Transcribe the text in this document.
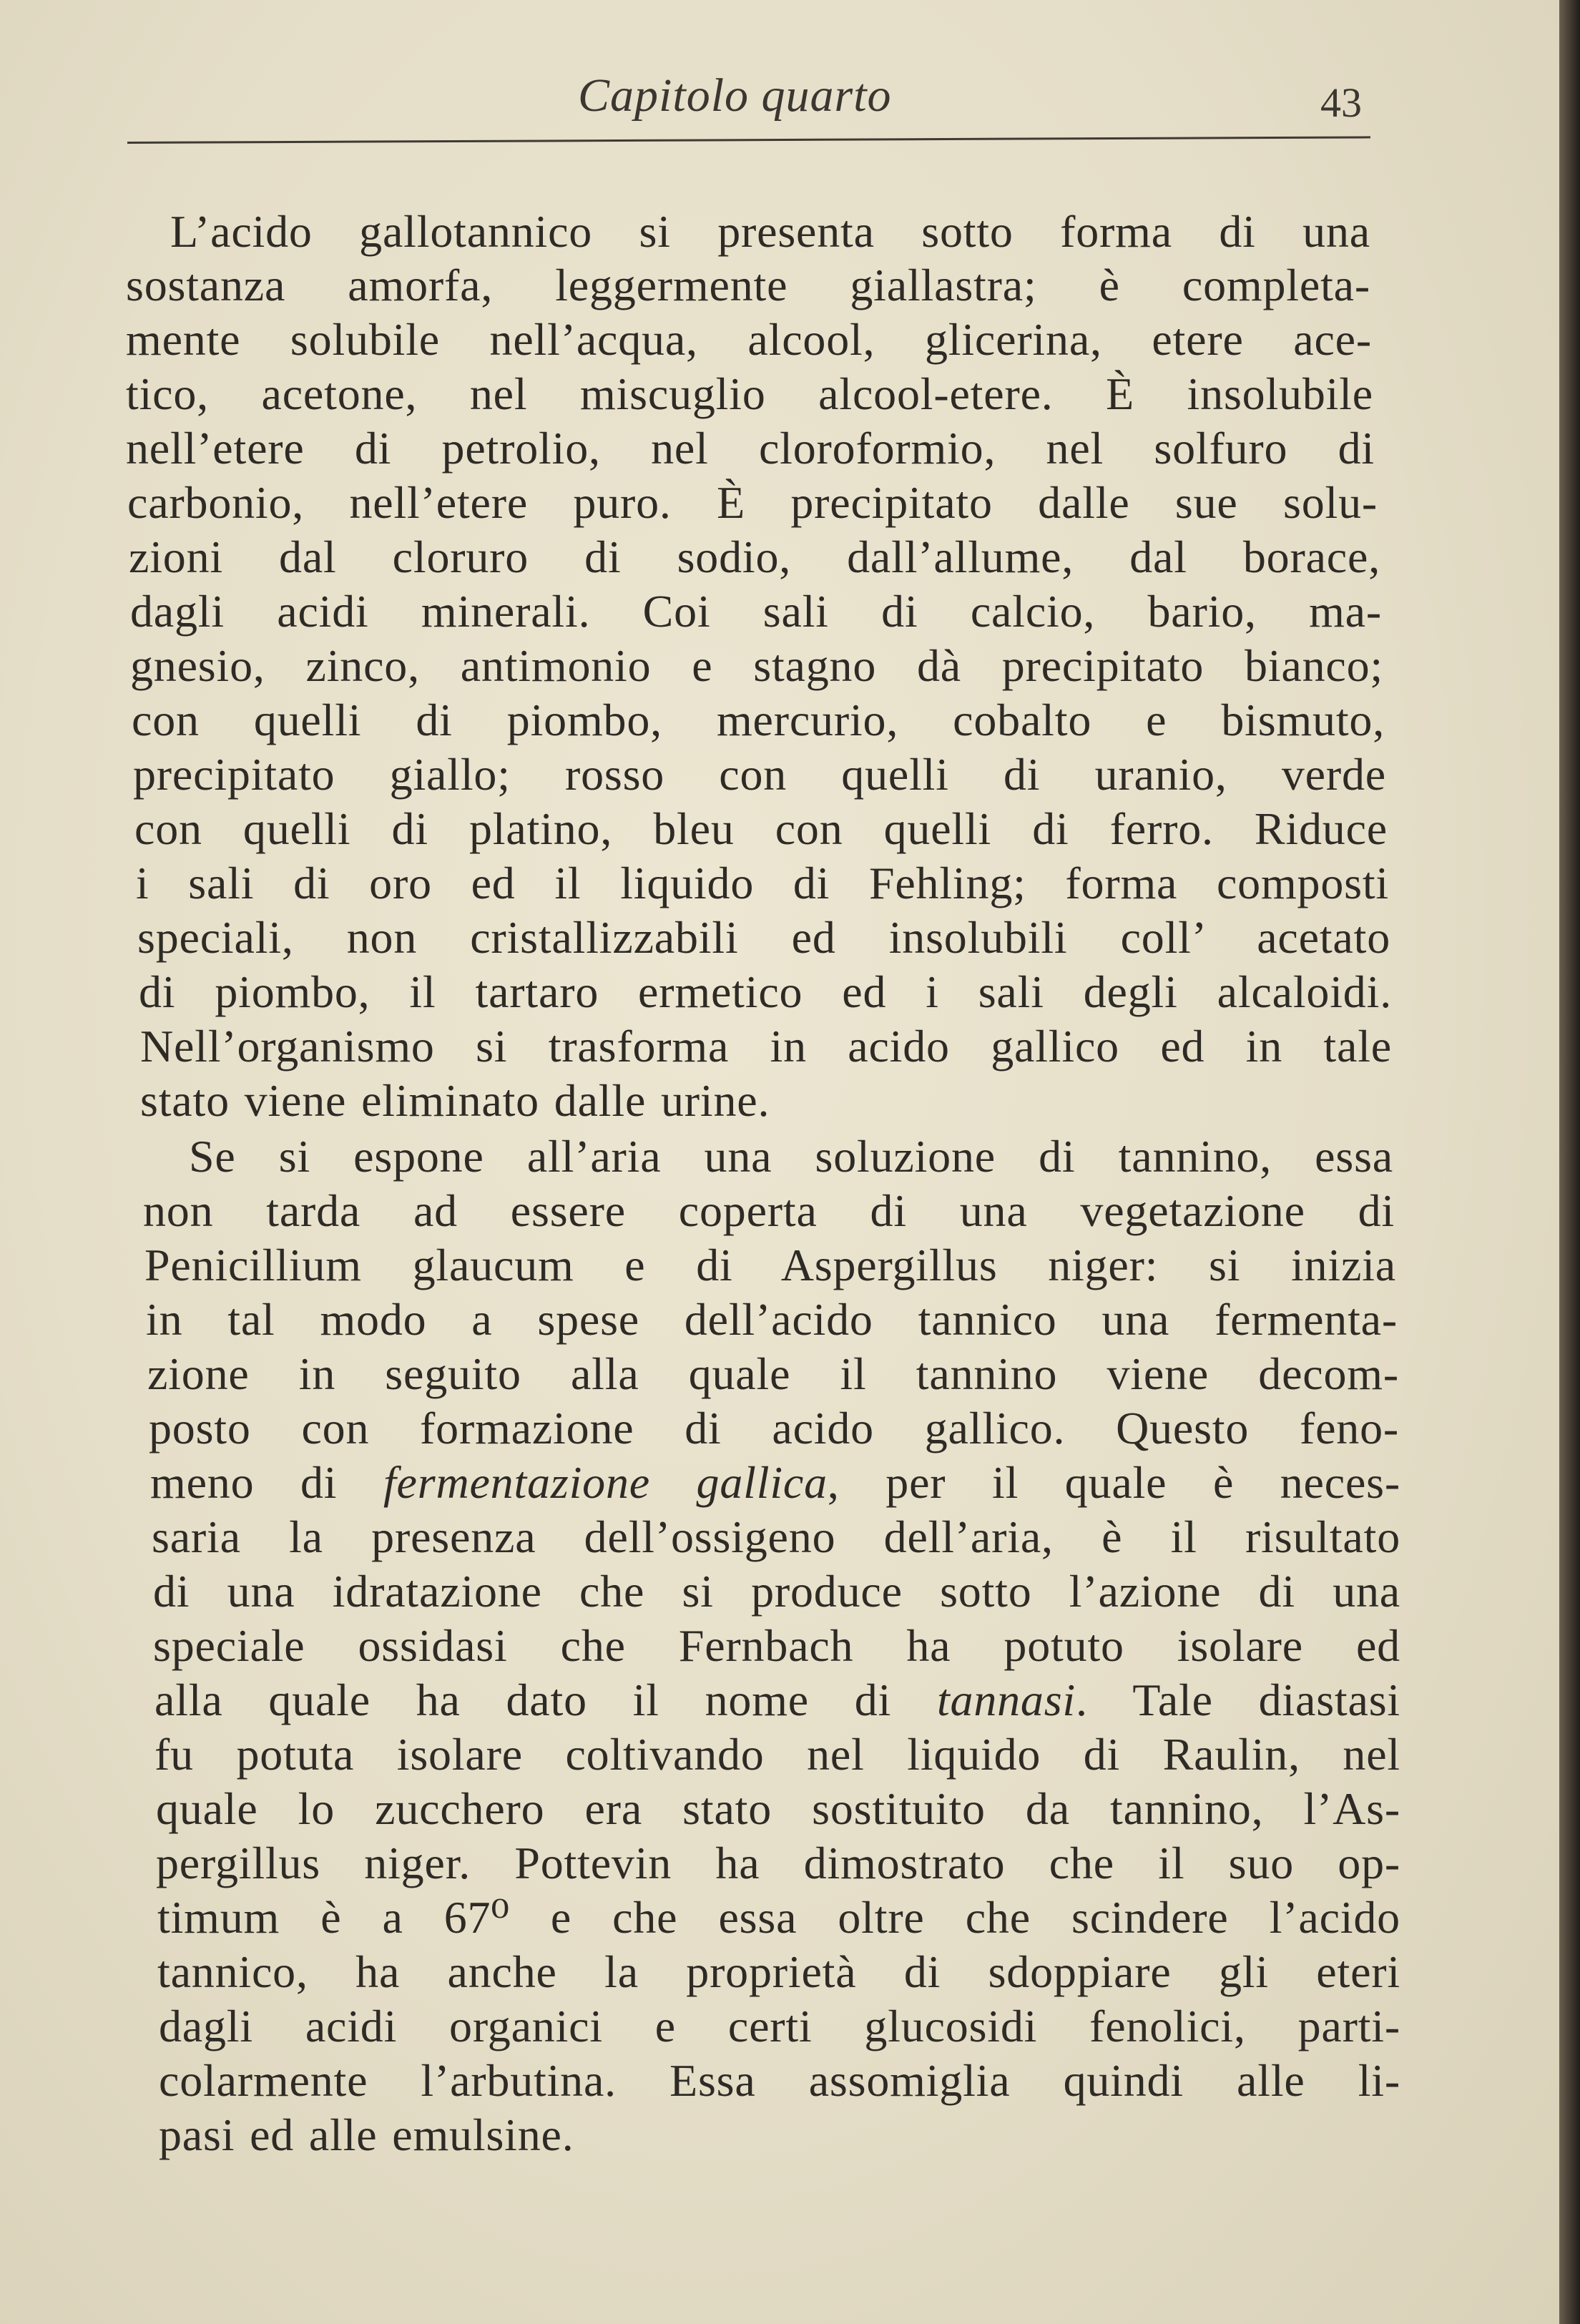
Capitolo quarto	43
L’acido gallotannico si presenta sotto forma di una
sostanza amorfa, leggermente giallastra; è completa-
mente solubile nell’acqua, alcool, glicerina, etere ace-
tico, acetone, nel miscuglio alcool-etere. È insolubile
nell’etere di petrolio, nel cloroformio, nel solfuro di
carbonio, nell’etere puro. È precipitato dalle sue solu-
zioni dal cloruro di sodio, dall’allume, dal borace,
dagli acidi minerali. Coi sali di calcio, bario, ma-
gnesio, zinco, antimonio e stagno dà precipitato bianco;
con quelli di piombo, mercurio, cobalto e bismuto,
precipitato giallo; rosso con quelli di uranio, verde
con quelli di platino, bleu con quelli di ferro. Riduce
i sali di oro ed il liquido di Fehling; forma composti
speciali, non cristallizzabili ed insolubili coll’ acetato
di piombo, il tartaro ermetico ed i sali degli alcaloidi.
Nell’organismo si trasforma in acido gallico ed in tale
stato viene eliminato dalle urine.
Se si espone all’aria una soluzione di tannino, essa
non tarda ad essere coperta di una vegetazione di
Penicillium glaucum e di Aspergillus niger: si inizia
in tal modo a spese dell’acido tannico una fermenta-
zione in seguito alla quale il tannino viene decom-
posto con formazione di acido gallico. Questo feno-
meno di fermentazione gallica, per il quale è neces-
saria la presenza dell’ossigeno dell’aria, è il risultato
di una idratazione che si produce sotto l’azione di una
speciale ossidasi che Fernbach ha potuto isolare ed
alla quale ha dato il nome di tannasi. Tale diastasi
fu potuta isolare coltivando nel liquido di Raulin, nel
quale lo zucchero era stato sostituito da tannino, l’As-
pergillus niger. Pottevin ha dimostrato che il suo op-
timum è a 67⁰ e che essa oltre che scindere l’acido
tannico, ha anche la proprietà di sdoppiare gli eteri
dagli acidi organici e certi glucosidi fenolici, parti-
colarmente l’arbutina. Essa assomiglia quindi alle li-
pasi ed alle emulsine.
